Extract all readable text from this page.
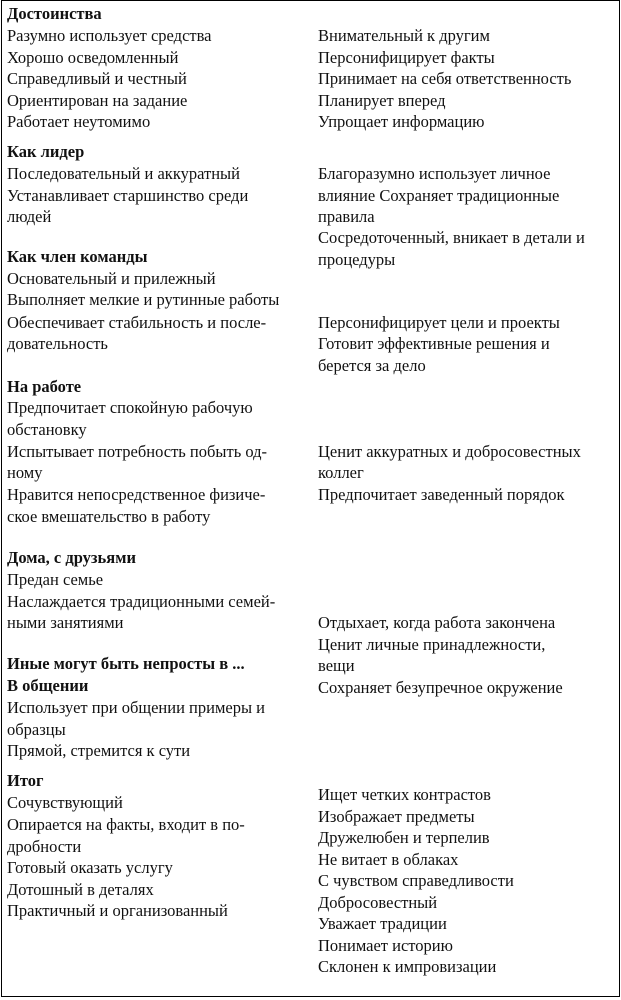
Достоинства
Разумно использует средства
Хорошо осведомленный
Справедливый и честный
Ориентирован на задание
Работает неутомимо
Как лидер
Последовательный и аккуратный
Устанавливает старшинство среди
людей
Как член команды
Основательный и прилежный
Выполняет мелкие и рутинные работы
Обеспечивает стабильность и после-
довательность
На работе
Предпочитает спокойную рабочую
обстановку
Испытывает потребность побыть од-
ному
Нравится непосредственное физиче-
ское вмешательство в работу
Дома, с друзьями
Предан семье
Наслаждается традиционными семей-
ными занятиями
Иные могут быть непросты в ...
В общении
Использует при общении примеры и
образцы
Прямой, стремится к сути
Итог
Сочувствующий
Опирается на факты, входит в по-
дробности
Готовый оказать услугу
Дотошный в деталях
Практичный и организованный
Внимательный к другим
Персонифицирует факты
Принимает на себя ответственность
Планирует вперед
Упрощает информацию
Благоразумно использует личное
влияние Сохраняет традиционные
правила
Сосредоточенный, вникает в детали и
процедуры
Персонифицирует цели и проекты
Готовит эффективные решения и
берется за дело
Ценит аккуратных и добросовестных
коллег
Предпочитает заведенный порядок
Отдыхает, когда работа закончена
Ценит личные принадлежности,
вещи
Сохраняет безупречное окружение
Ищет четких контрастов
Изображает предметы
Дружелюбен и терпелив
Не витает в облаках
С чувством справедливости
Добросовестный
Уважает традиции
Понимает историю
Склонен к импровизации
